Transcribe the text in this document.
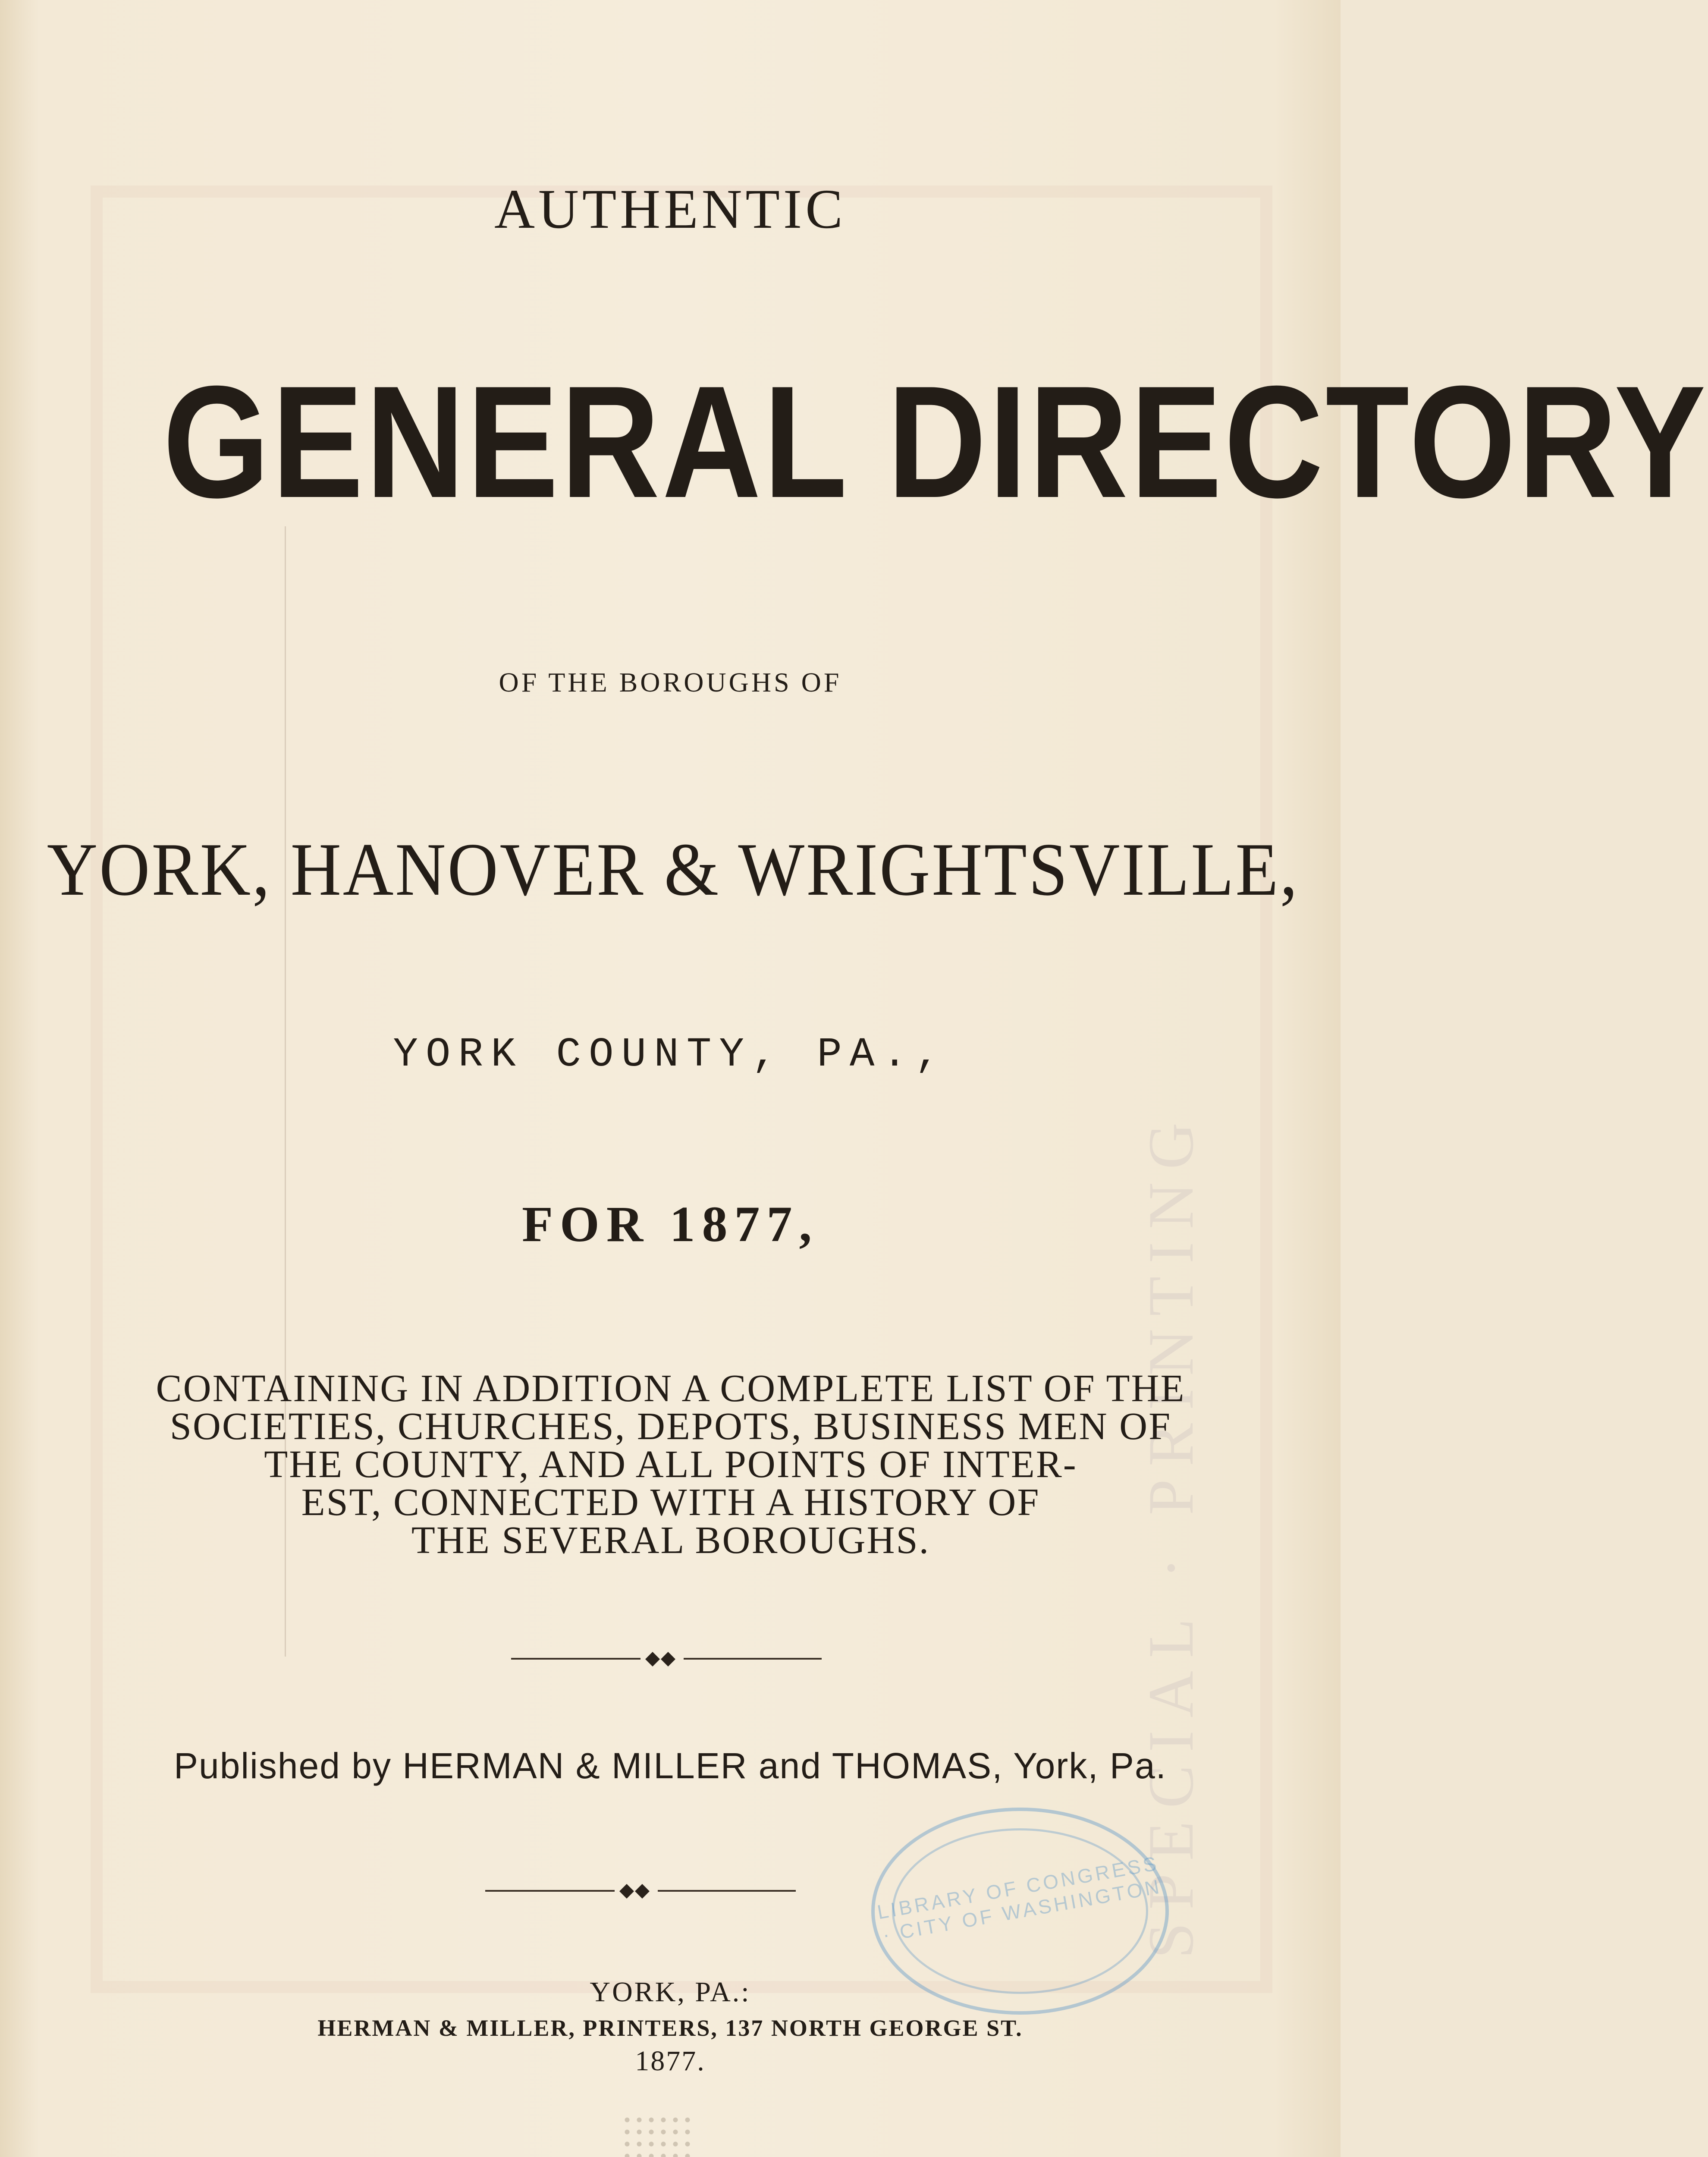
SPECIAL · PRINTING
AUTHENTIC
GENERAL DIRECTORY
OF THE BOROUGHS OF
YORK, HANOVER & WRIGHTSVILLE,
YORK COUNTY, PA.,
FOR 1877,
CONTAINING IN ADDITION A COMPLETE LIST OF THE
SOCIETIES, CHURCHES, DEPOTS, BUSINESS MEN OF
THE COUNTY, AND ALL POINTS OF INTER-
EST, CONNECTED WITH A HISTORY OF
THE SEVERAL BOROUGHS.
Published by HERMAN & MILLER and THOMAS, York, Pa.
LIBRARY OF CONGRESS · CITY OF WASHINGTON
YORK, PA.:
HERMAN & MILLER, PRINTERS, 137 NORTH GEORGE ST.
1877.
